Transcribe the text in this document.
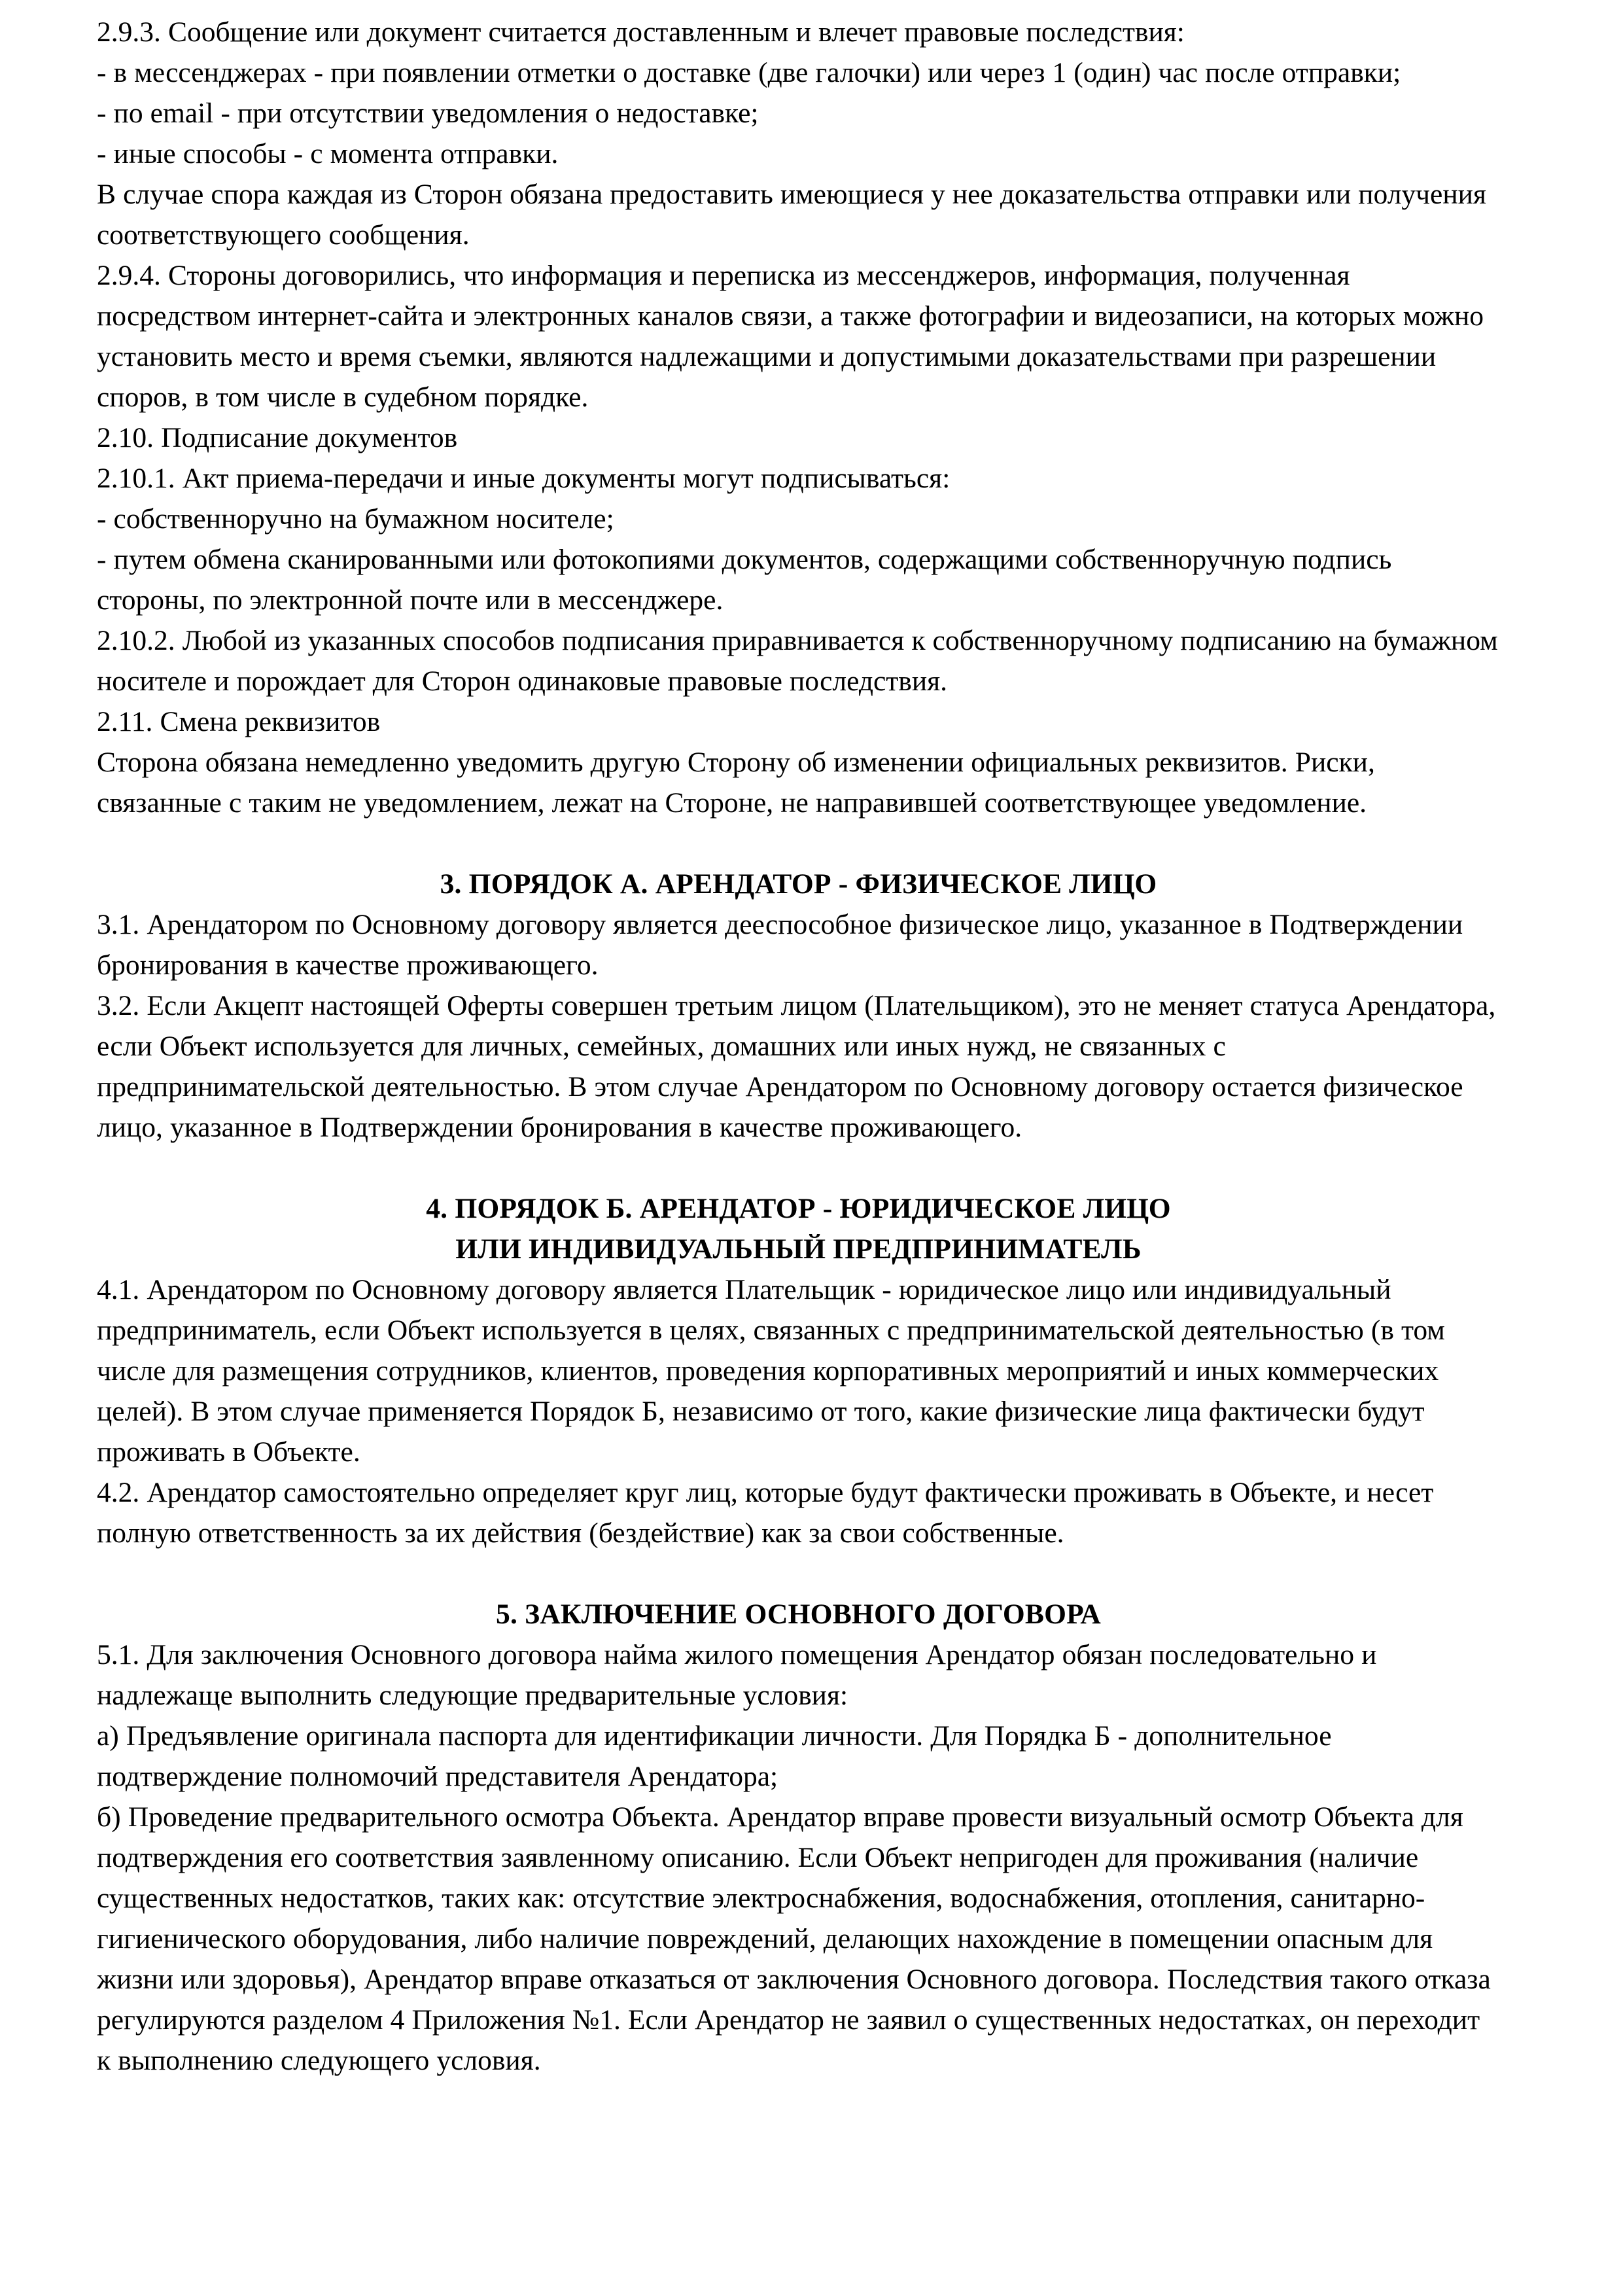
2.9.3. Сообщение или документ считается доставленным и влечет правовые последствия:

- в мессенджерах - при появлении отметки о доставке (две галочки) или через 1 (один) час после отправки;

- по email - при отсутствии уведомления о недоставке;

- иные способы - с момента отправки.

В случае спора каждая из Сторон обязана предоставить имеющиеся у нее доказательства отправки или получения соответствующего сообщения.

2.9.4. Стороны договорились, что информация и переписка из мессенджеров, информация, полученная посредством интернет-сайта и электронных каналов связи, а также фотографии и видеозаписи, на которых можно установить место и время съемки, являются надлежащими и допустимыми доказательствами при разрешении споров, в том числе в судебном порядке.

2.10. Подписание документов

2.10.1. Акт приема-передачи и иные документы могут подписываться:

- собственноручно на бумажном носителе;

- путем обмена сканированными или фотокопиями документов, содержащими собственноручную подпись стороны, по электронной почте или в мессенджере.

2.10.2. Любой из указанных способов подписания приравнивается к собственноручному подписанию на бумажном носителе и порождает для Сторон одинаковые правовые последствия.

2.11. Смена реквизитов

Сторона обязана немедленно уведомить другую Сторону об изменении официальных реквизитов. Риски, связанные с таким не уведомлением, лежат на Стороне, не направившей соответствующее уведомление.

3. ПОРЯДОК А. АРЕНДАТОР - ФИЗИЧЕСКОЕ ЛИЦО

3.1. Арендатором по Основному договору является дееспособное физическое лицо, указанное в Подтверждении бронирования в качестве проживающего.

3.2. Если Акцепт настоящей Оферты совершен третьим лицом (Плательщиком), это не меняет статуса Арендатора, если Объект используется для личных, семейных, домашних или иных нужд, не связанных с предпринимательской деятельностью. В этом случае Арендатором по Основному договору остается физическое лицо, указанное в Подтверждении бронирования в качестве проживающего.

4. ПОРЯДОК Б. АРЕНДАТОР - ЮРИДИЧЕСКОЕ ЛИЦО
ИЛИ ИНДИВИДУАЛЬНЫЙ ПРЕДПРИНИМАТЕЛЬ

4.1. Арендатором по Основному договору является Плательщик - юридическое лицо или индивидуальный предприниматель, если Объект используется в целях, связанных с предпринимательской деятельностью (в том числе для размещения сотрудников, клиентов, проведения корпоративных мероприятий и иных коммерческих целей). В этом случае применяется Порядок Б, независимо от того, какие физические лица фактически будут проживать в Объекте.

4.2. Арендатор самостоятельно определяет круг лиц, которые будут фактически проживать в Объекте, и несет полную ответственность за их действия (бездействие) как за свои собственные.

5. ЗАКЛЮЧЕНИЕ ОСНОВНОГО ДОГОВОРА

5.1. Для заключения Основного договора найма жилого помещения Арендатор обязан последовательно и надлежаще выполнить следующие предварительные условия:

а) Предъявление оригинала паспорта для идентификации личности. Для Порядка Б - дополнительное подтверждение полномочий представителя Арендатора;

б) Проведение предварительного осмотра Объекта. Арендатор вправе провести визуальный осмотр Объекта для подтверждения его соответствия заявленному описанию. Если Объект непригоден для проживания (наличие существенных недостатков, таких как: отсутствие электроснабжения, водоснабжения, отопления, санитарно-гигиенического оборудования, либо наличие повреждений, делающих нахождение в помещении опасным для жизни или здоровья), Арендатор вправе отказаться от заключения Основного договора. Последствия такого отказа регулируются разделом 4 Приложения №1. Если Арендатор не заявил о существенных недостатках, он переходит к выполнению следующего условия.
